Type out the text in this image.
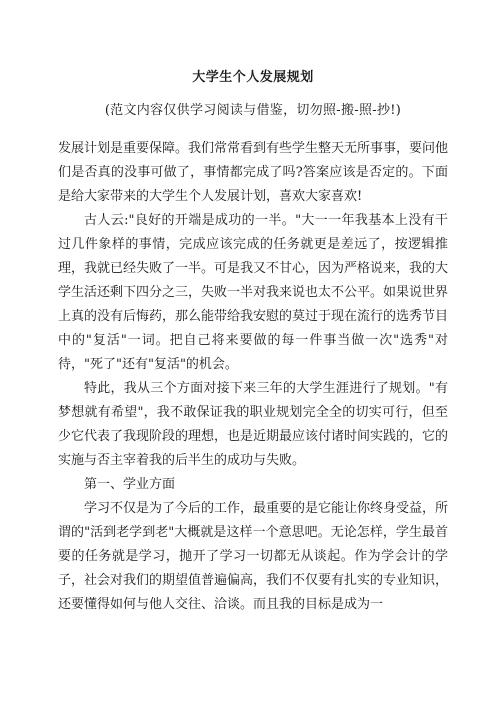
大学生个人发展规划
(范文内容仅供学习阅读与借鉴，切勿照-搬-照-抄!)

发展计划是重要保障。我们常常看到有些学生整天无所事事，要问他们是否真的没事可做了，事情都完成了吗?答案应该是否定的。下面是给大家带来的大学生个人发展计划，喜欢大家喜欢!

古人云:"良好的开端是成功的一半。"大一一年我基本上没有干过几件象样的事情，完成应该完成的任务就更是差远了，按逻辑推理，我就已经失败了一半。可是我又不甘心，因为严格说来，我的大学生活还剩下四分之三，失败一半对我来说也太不公平。如果说世界上真的没有后悔药，那么能带给我安慰的莫过于现在流行的选秀节目中的"复活"一词。把自己将来要做的每一件事当做一次"选秀"对待，"死了"还有"复活"的机会。

特此，我从三个方面对接下来三年的大学生涯进行了规划。"有梦想就有希望"，我不敢保证我的职业规划完全全的切实可行，但至少它代表了我现阶段的理想，也是近期最应该付诸时间实践的，它的实施与否主宰着我的后半生的成功与失败。

第一、学业方面

学习不仅是为了今后的工作，最重要的是它能让你终身受益，所谓的"活到老学到老"大概就是这样一个意思吧。无论怎样，学生最首要的任务就是学习，抛开了学习一切都无从谈起。作为学会计的学子，社会对我们的期望值普遍偏高，我们不仅要有扎实的专业知识，还要懂得如何与他人交往、洽谈。而且我的目标是成为一
